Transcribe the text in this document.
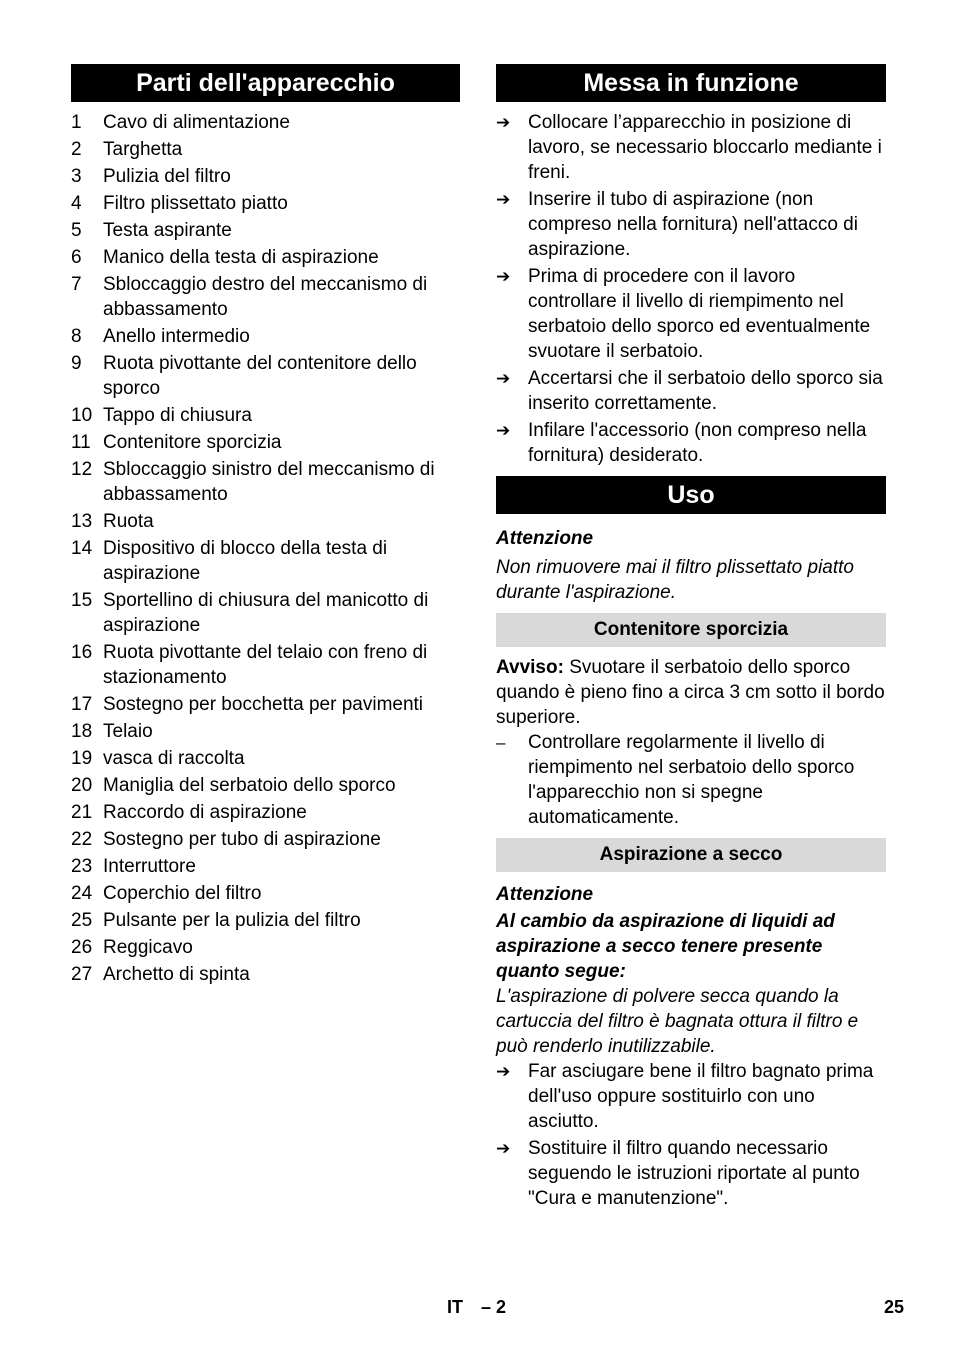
Parti dell'apparecchio
1	Cavo di alimentazione
2	Targhetta
3	Pulizia del filtro
4	Filtro plissettato piatto
5	Testa aspirante
6	Manico della testa di aspirazione
7	Sbloccaggio destro del meccanismo di abbassamento
8	Anello intermedio
9	Ruota pivottante del contenitore dello sporco
10 Tappo di chiusura
11 Contenitore sporcizia
12 Sbloccaggio sinistro del meccanismo di abbassamento
13 Ruota
14 Dispositivo di blocco della testa di aspirazione
15 Sportellino di chiusura del manicotto di aspirazione
16 Ruota pivottante del telaio con freno di stazionamento
17 Sostegno per bocchetta per pavimenti
18 Telaio
19 vasca di raccolta
20 Maniglia del serbatoio dello sporco
21 Raccordo di aspirazione
22 Sostegno per tubo di aspirazione
23 Interruttore
24 Coperchio del filtro
25 Pulsante per la pulizia del filtro
26 Reggicavo
27 Archetto di spinta
Messa in funzione
➔ Collocare l’apparecchio in posizione di lavoro, se necessario bloccarlo mediante i freni.
➔ Inserire il tubo di aspirazione (non compreso nella fornitura) nell'attacco di aspirazione.
➔ Prima di procedere con il lavoro controllare il livello di riempimento nel serbatoio dello sporco ed eventualmente svuotare il serbatoio.
➔ Accertarsi che il serbatoio dello sporco sia inserito correttamente.
➔ Infilare l'accessorio (non compreso nella fornitura) desiderato.
Uso
Attenzione
Non rimuovere mai il filtro plissettato piatto durante l'aspirazione.
Contenitore sporcizia
Avviso: Svuotare il serbatoio dello sporco quando è pieno fino a circa 3 cm sotto il bordo superiore.
–	Controllare regolarmente il livello di riempimento nel serbatoio dello sporco l'apparecchio non si spegne automaticamente.
Aspirazione a secco
Attenzione
Al cambio da aspirazione di liquidi ad aspirazione a secco tenere presente quanto segue:
L'aspirazione di polvere secca quando la cartuccia del filtro è bagnata ottura il filtro e può renderlo inutilizzabile.
➔ Far asciugare bene il filtro bagnato prima dell'uso oppure sostituirlo con uno asciutto.
➔ Sostituire il filtro quando necessario seguendo le istruzioni riportate al punto "Cura e manutenzione".
IT – 2	25
